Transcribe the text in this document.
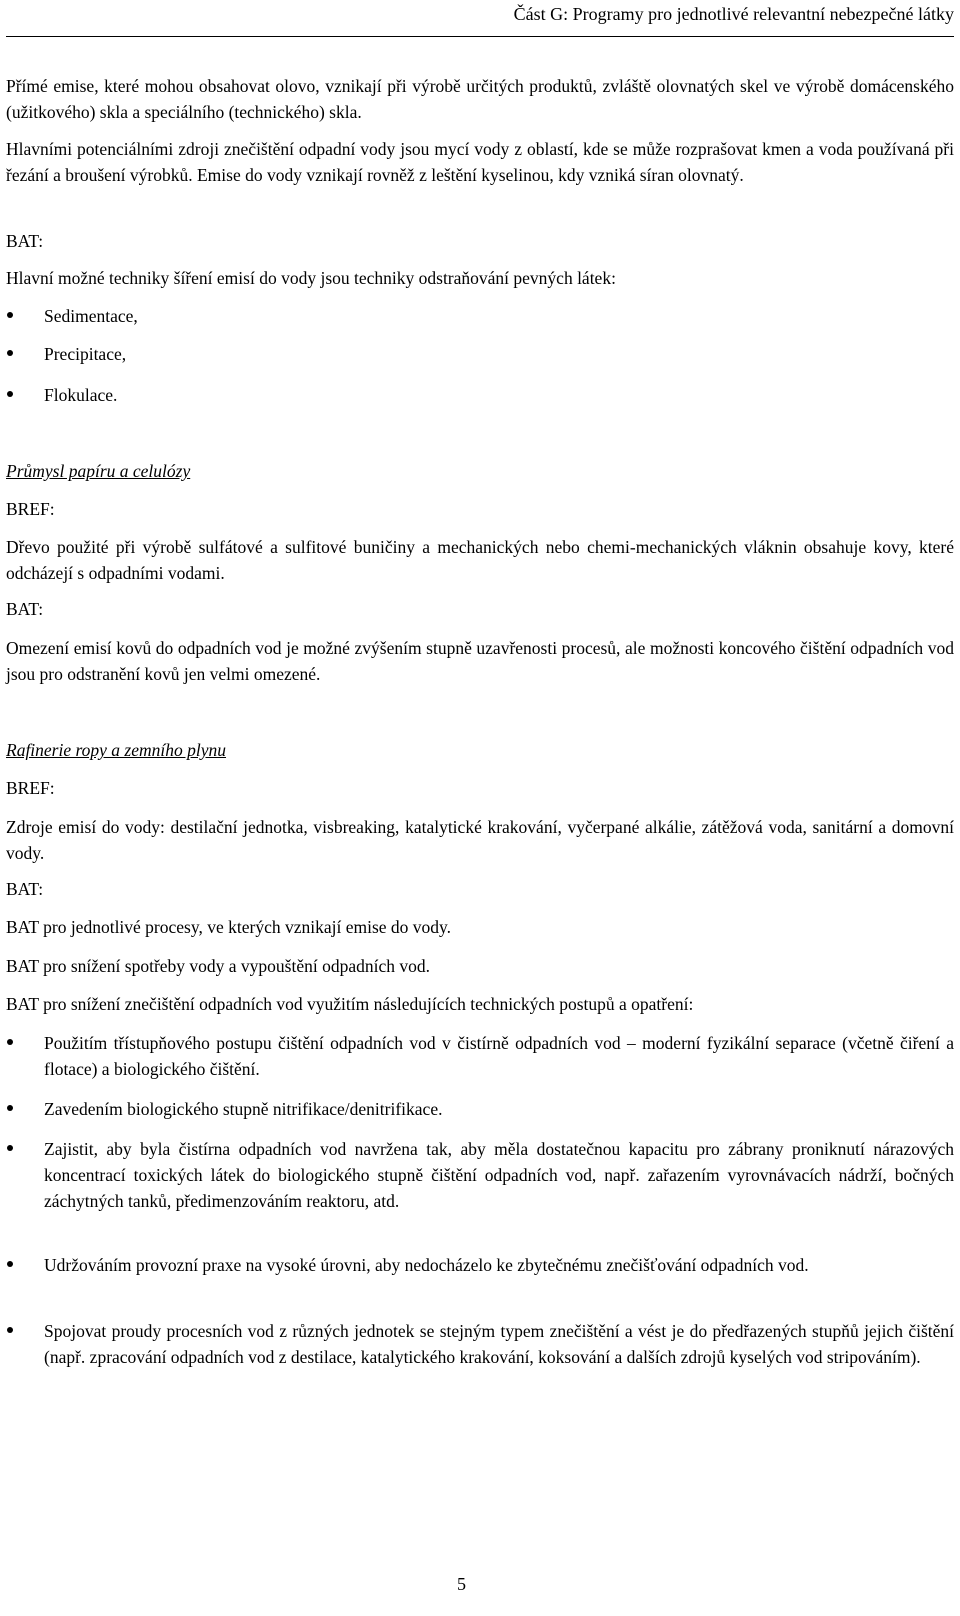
Část G: Programy pro jednotlivé relevantní nebezpečné látky

Přímé emise, které mohou obsahovat olovo, vznikají při výrobě určitých produktů, zvláště olovnatých skel ve výrobě domácenského (užitkového) skla a speciálního (technického) skla.

Hlavními potenciálními zdroji znečištění odpadní vody jsou mycí vody z oblastí, kde se může rozprašovat kmen a voda používaná při řezání a broušení výrobků. Emise do vody vznikají rovněž z leštění kyselinou, kdy vzniká síran olovnatý.

BAT:

Hlavní možné techniky šíření emisí do vody jsou techniky odstraňování pevných látek:

Sedimentace,

Precipitace,

Flokulace.

Průmysl papíru a celulózy

BREF:

Dřevo použité při výrobě sulfátové a sulfitové buničiny a mechanických nebo chemi-mechanických vláknin obsahuje kovy, které odcházejí s odpadními vodami.

BAT:

Omezení emisí kovů do odpadních vod je možné zvýšením stupně uzavřenosti procesů, ale možnosti koncového čištění odpadních vod jsou pro odstranění kovů jen velmi omezené.

Rafinerie ropy a zemního plynu

BREF:

Zdroje emisí do vody: destilační jednotka, visbreaking, katalytické krakování, vyčerpané alkálie, zátěžová voda, sanitární a domovní vody.

BAT:

BAT pro jednotlivé procesy, ve kterých vznikají emise do vody.

BAT pro snížení spotřeby vody a vypouštění odpadních vod.

BAT pro snížení znečištění odpadních vod využitím následujících technických postupů a opatření:

Použitím třístupňového postupu čištění odpadních vod v čistírně odpadních vod – moderní fyzikální separace (včetně čiření a flotace) a biologického čištění.

Zavedením biologického stupně nitrifikace/denitrifikace.

Zajistit, aby byla čistírna odpadních vod navržena tak, aby měla dostatečnou kapacitu pro zábrany proniknutí nárazových koncentrací toxických látek do biologického stupně čištění odpadních vod, např. zařazením vyrovnávacích nádrží, bočných záchytných tanků, předimenzováním reaktoru, atd.

Udržováním provozní praxe na vysoké úrovni, aby nedocházelo ke zbytečnému znečišťování odpadních vod.

Spojovat proudy procesních vod z různých jednotek se stejným typem znečištění a vést je do předřazených stupňů jejich čištění (např. zpracování odpadních vod z destilace, katalytického krakování, koksování a dalších zdrojů kyselých vod stripováním).

5
